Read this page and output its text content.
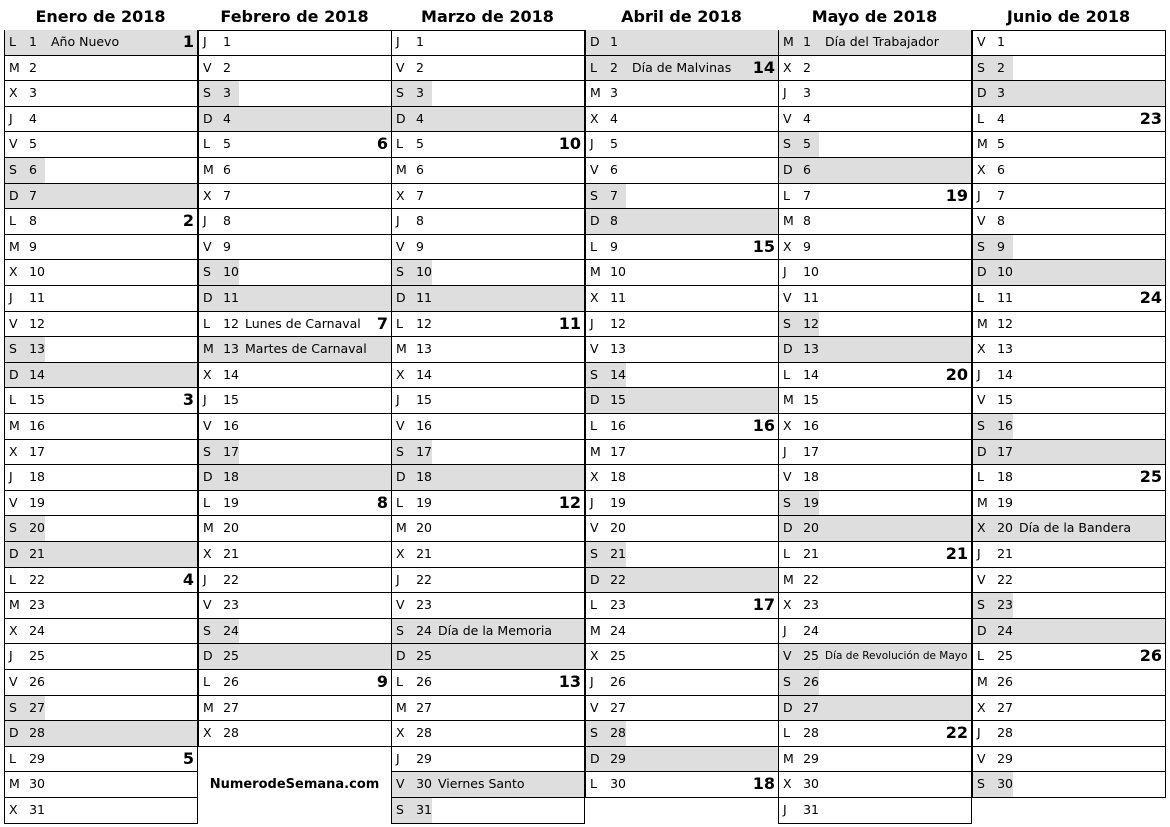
Enero de 2018
L	1	Año Nuevo	1
M 2
X 3
J	4
V 5
S 6
D 7
L	8	2
M 9
X 10
J	11
V 12
S 13
D 14
L	15	3
M 16
X 17
J	18
V 19
S 20
D 21
L	22	4
M 23
X 24
J	25
V 26
S 27
D 28
L	29	5
M 30
X 31
Febrero de 2018
J	1
V 2
S 3
D 4
L	5	6
M 6
X 7
J	8
V 9
S 10
D 11
L	12 Lunes de Carnaval 7
M 13 Martes de Carnaval
X 14
J	15
V 16
S 17
D 18
L	19	8
M 20
X 21
J	22
V 23
S 24
D 25
L	26	9
M 27
X 28
NumerodeSemana.com
Marzo de 2018
J	1
V 2
S 3
D 4
L	5	10
M 6
X 7
J	8
V 9
S 10
D 11
L	12	11
M 13
X 14
J	15
V 16
S 17
D 18
L	19	12
M 20
X 21
J	22
V 23
S 24 Día de la Memoria
D 25
L	26	13
M 27
X 28
J	29
V 30 Viernes Santo
S 31
Abril de 2018
D 1
L	2	Día de Malvinas 14
M 3
X 4
J	5
V 6
S 7
D 8
L	9	15
M 10
X 11
J	12
V 13
S 14
D 15
L	16	16
M 17
X 18
J	19
V 20
S 21
D 22
L	23	17
M 24
X 25
J	26
V 27
S 28
D 29
L	30	18
Mayo de 2018
M 1	Día del Trabajador
X 2
J	3
V 4
S 5
D 6
L	7	19
M 8
X 9
J	10
V 11
S 12
D 13
L	14	20
M 15
X 16
J	17
V 18
S 19
D 20
L	21	21
M 22
X 23
J	24
V 25 Día de Revolución de Mayo
S 26
D 27
L	28	22
M 29
X 30
J	31
Junio de 2018
V 1
S 2
D 3
L	4	23
M 5
X 6
J	7
V 8
S 9
D 10
L	11	24
M 12
X 13
J	14
V 15
S 16
D 17
L	18	25
M 19
X 20 Día de la Bandera
J	21
V 22
S 23
D 24
L	25	26
M 26
X 27
J	28
V 29
S 30
